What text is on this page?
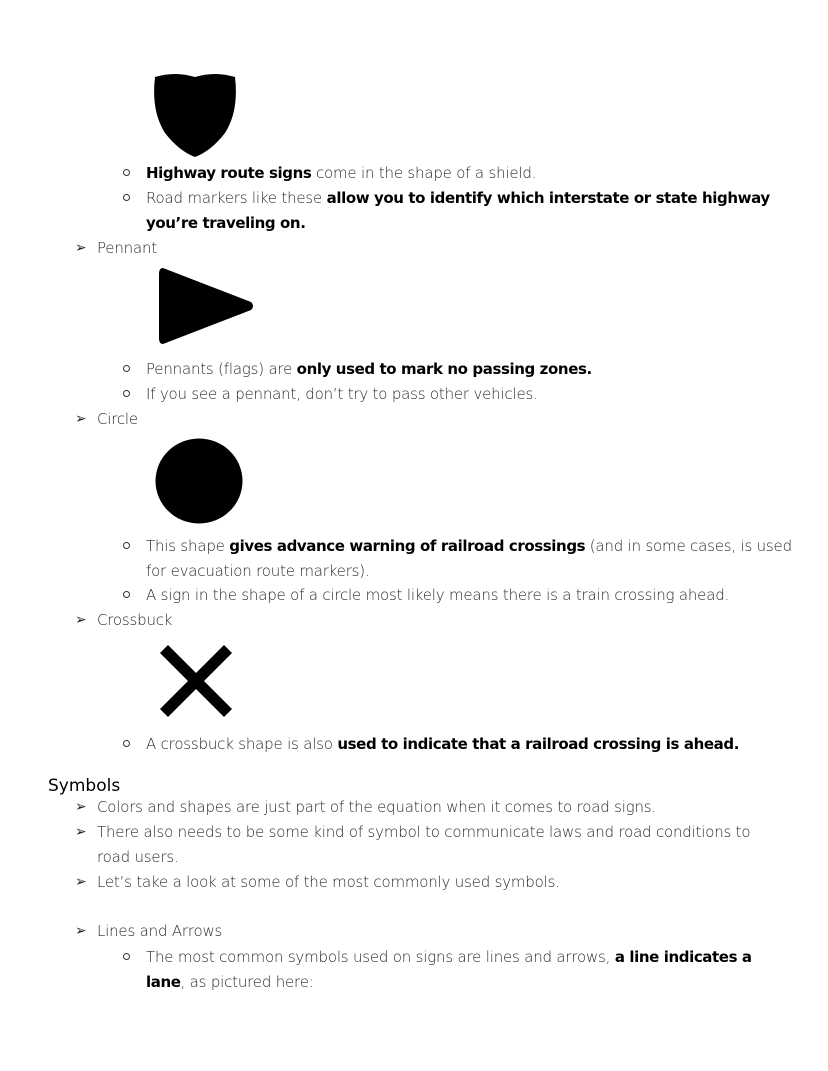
Highway route signs come in the shape of a shield.
Road markers like these allow you to identify which interstate or state highway
you’re traveling on.
➢ Pennant
Pennants (flags) are only used to mark no passing zones.
If you see a pennant, don’t try to pass other vehicles.
➢ Circle
This shape gives advance warning of railroad crossings (and in some cases, is used
for evacuation route markers).
A sign in the shape of a circle most likely means there is a train crossing ahead.
➢ Crossbuck
A crossbuck shape is also used to indicate that a railroad crossing is ahead.
Symbols
➢ Colors and shapes are just part of the equation when it comes to road signs.
➢ There also needs to be some kind of symbol to communicate laws and road conditions to
road users.
➢ Let’s take a look at some of the most commonly used symbols.
➢ Lines and Arrows
The most common symbols used on signs are lines and arrows, a line indicates a
lane, as pictured here:
